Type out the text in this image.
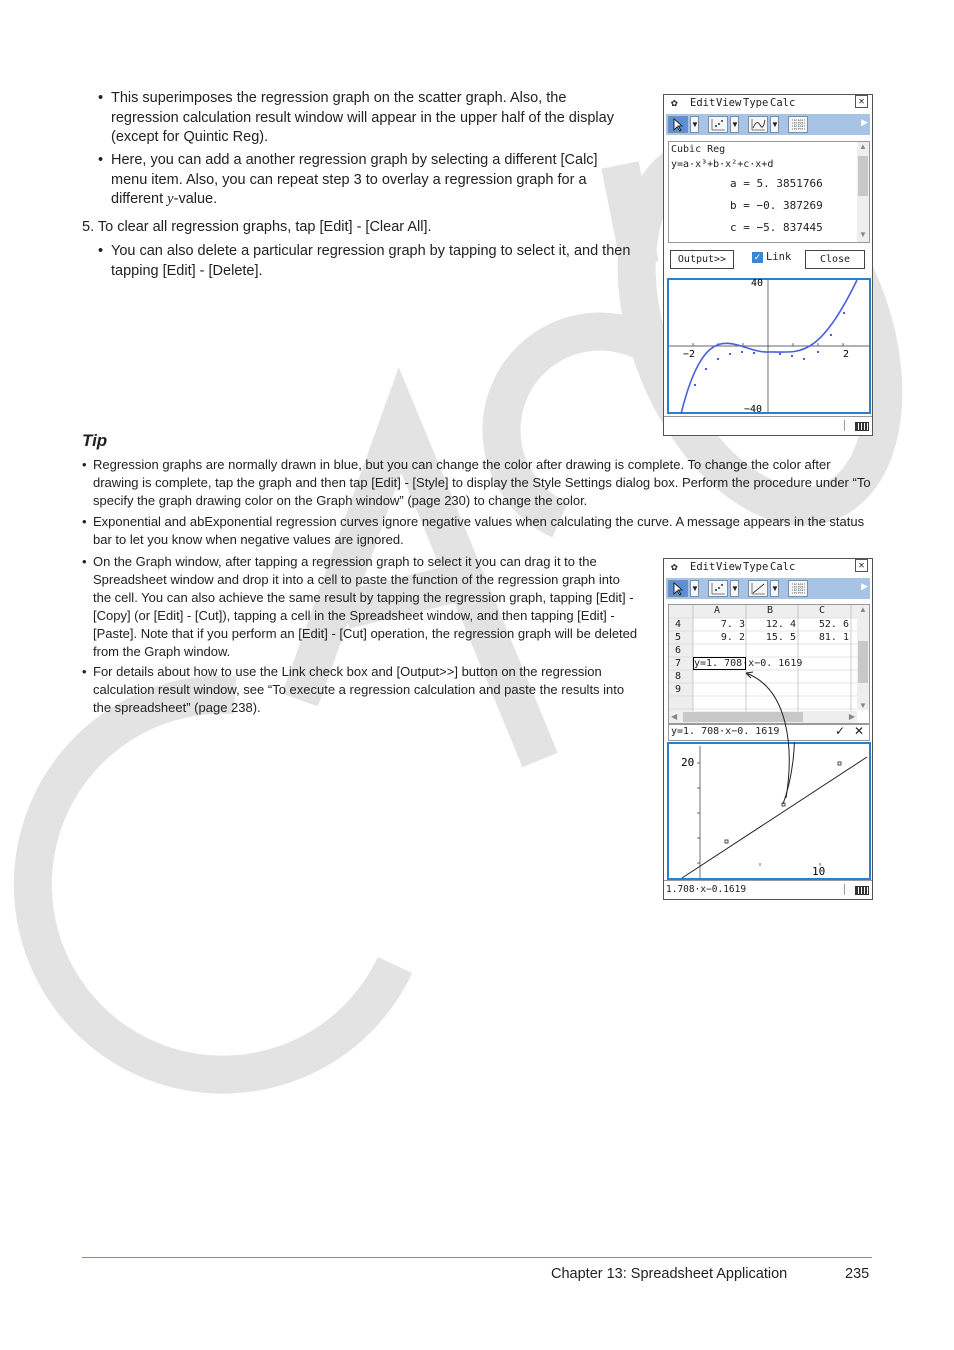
• This superimposes the regression graph on the scatter graph. Also, the regression calculation result window will appear in the upper half of the display (except for Quintic Reg).

• Here, you can add a another regression graph by selecting a different [Calc] menu item. Also, you can repeat step 3 to overlay a regression graph for a different y-value.

5. To clear all regression graphs, tap [Edit] - [Clear All].

• You can also delete a particular regression graph by tapping to select it, and then tapping [Edit] - [Delete].

Tip
• Regression graphs are normally drawn in blue, but you can change the color after drawing is complete. To change the color after drawing is complete, tap the graph and then tap [Edit] - [Style] to display the Style Settings dialog box. Perform the procedure under “To specify the graph drawing color on the Graph window” (page 230) to change the color.

• Exponential and abExponential regression curves ignore negative values when calculating the curve. A message appears in the status bar to let you know when negative values are ignored.

• On the Graph window, after tapping a regression graph to select it you can drag it to the Spreadsheet window and drop it into a cell to paste the function of the regression graph into the cell. You can also achieve the same result by tapping the regression graph, tapping [Edit] - [Copy] (or [Edit] - [Cut]), tapping a cell in the Spreadsheet window, and then tapping [Edit] - [Paste]. Note that if you perform an [Edit] - [Cut] operation, the regression graph will be deleted from the Graph window.

• For details about how to use the Link check box and [Output>>] button on the regression calculation result window, see “To execute a regression calculation and paste the results into the spreadsheet” (page 238).

✿ Edit View Type Calc	✕
▼	▼	▼	▶
Cubic Reg
y=a·x³+b·x²+c·x+d
a = 5. 3851766
b = −0. 387269
c = −5. 837445
▲
▼
Output>>	✓ Link	Close
40
−40
−2	2
✿ Edit View Type Calc	✕
▼	▼	▼	▶
A	B	C
4	7. 3	12. 4	52. 6
5	9. 2	15. 5	81. 1
6
7 y=1. 708·x−0. 1619
8
9
▲
▼
◀	▶
y=1. 708·x−0. 1619	✓ ✕
20
10
1.708·x−0.1619
Chapter 13: Spreadsheet Application	235
